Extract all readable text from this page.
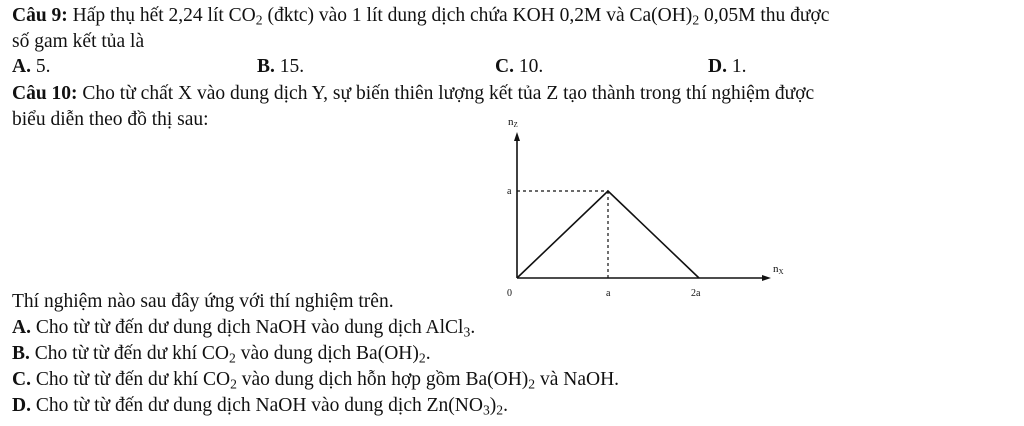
Câu 9: Hấp thụ hết 2,24 lít $CO_2$ (đktc) vào 1 lít dung dịch chứa KOH 0,2M và $Ca(OH)_2$ 0,05M thu được
số gam kết tủa là
A. 5.	B. 15.	C. 10.	D. 1.
Câu 10: Cho từ chất X vào dung dịch Y, sự biến thiên lượng kết tủa Z tạo thành trong thí nghiệm được
biểu diễn theo đồ thị sau:	nZ
nX
0	a	2a
a
Thí nghiệm nào sau đây ứng với thí nghiệm trên.
A. Cho từ từ đến dư dung dịch NaOH vào dung dịch AlCl$_3$.
B. Cho từ từ đến dư khí $CO_2$ vào dung dịch $Ba(OH)_2$.
C. Cho từ từ đến dư khí $CO_2$ vào dung dịch hỗn hợp gồm $Ba(OH)_2$ và NaOH.
D. Cho từ từ đến dư dung dịch NaOH vào dung dịch $Zn(NO_3)_2$.
